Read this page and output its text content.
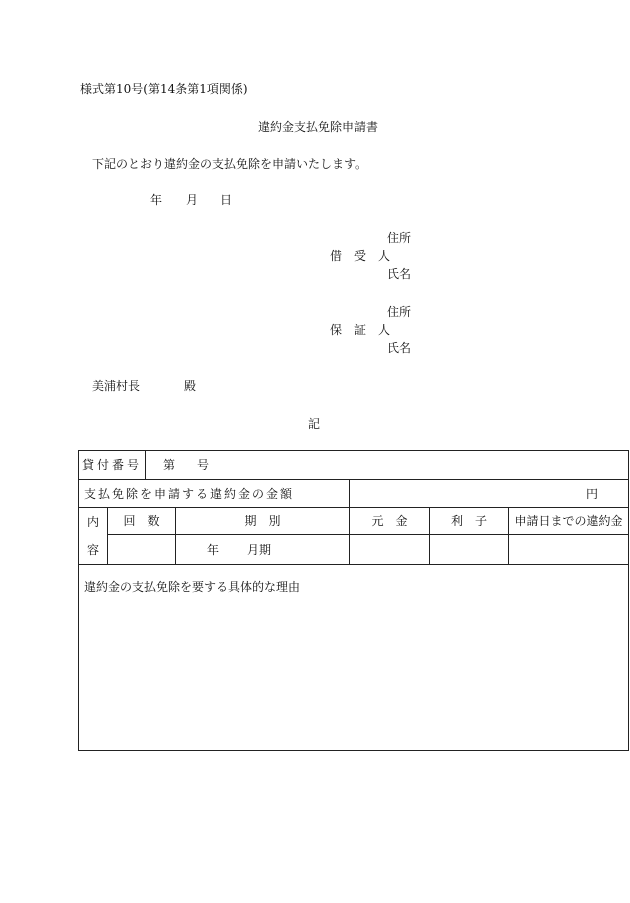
様式第10号(第14条第1項関係)
違約金支払免除申請書
下記のとおり違約金の支払免除を申請いたします。
年 月 日
住所
借　受　人
氏名
住所
保　証　人
氏名
美浦村長	殿
記
貸付番号		第 号				
支払免除を申請する違約金の金額				円		

内
容	回　数		期　別	元　金	利　子	申請日までの違約金
			年 月期			
違約金の支払免除を要する具体的な理由						
